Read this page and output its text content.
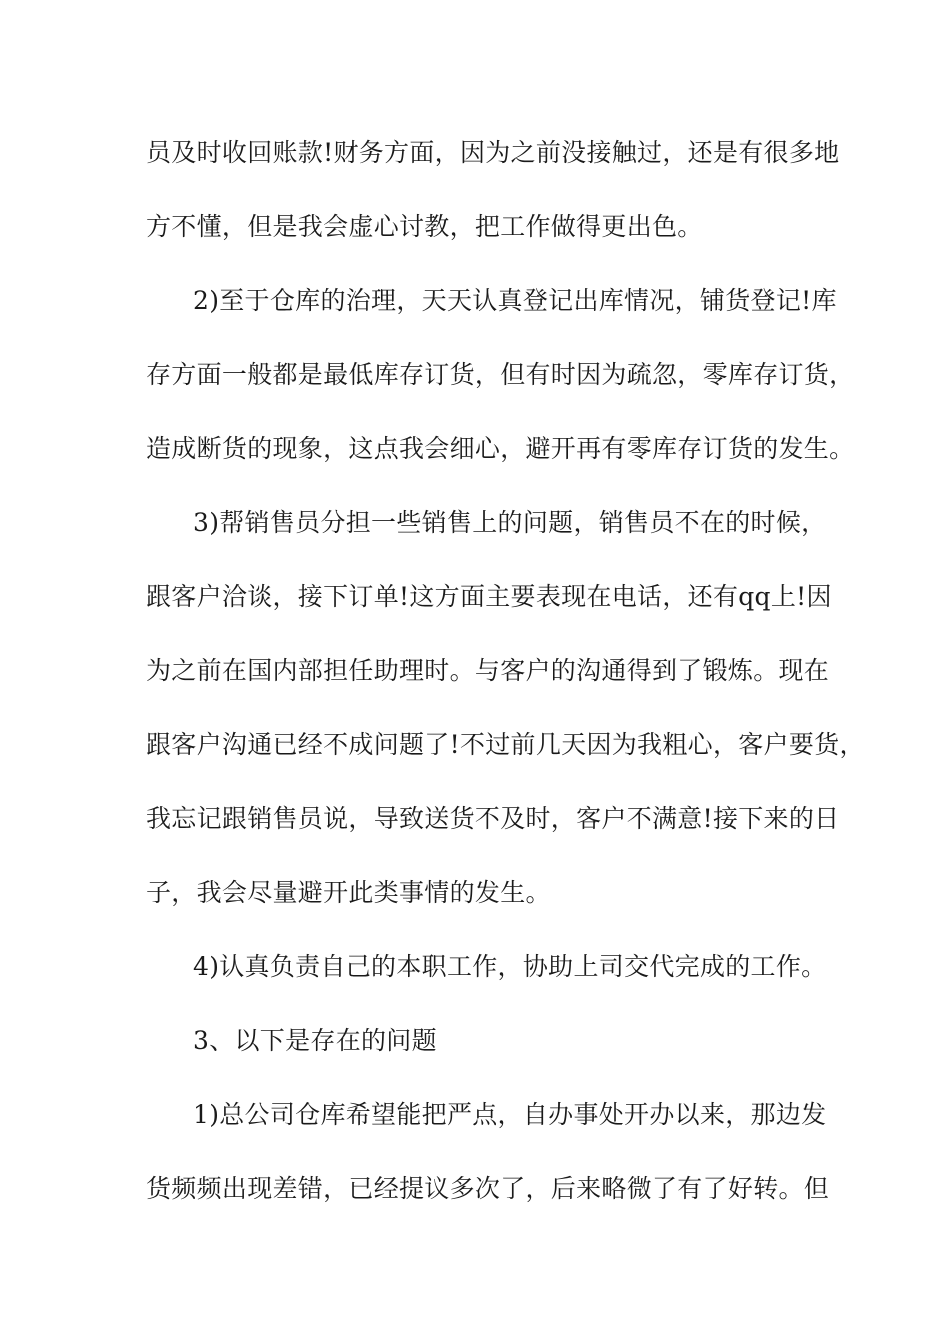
员及时收回账款!财务方面，因为之前没接触过，还是有很多地
方不懂，但是我会虚心讨教，把工作做得更出色。
2)至于仓库的治理，天天认真登记出库情况，铺货登记!库
存方面一般都是最低库存订货，但有时因为疏忽，零库存订货，
造成断货的现象，这点我会细心，避开再有零库存订货的发生。
3)帮销售员分担一些销售上的问题，销售员不在的时候，
跟客户洽谈，接下订单!这方面主要表现在电话，还有qq上!因
为之前在国内部担任助理时。与客户的沟通得到了锻炼。现在
跟客户沟通已经不成问题了!不过前几天因为我粗心，客户要货，
我忘记跟销售员说，导致送货不及时，客户不满意!接下来的日
子，我会尽量避开此类事情的发生。
4)认真负责自己的本职工作，协助上司交代完成的工作。
3、以下是存在的问题
1)总公司仓库希望能把严点，自办事处开办以来，那边发
货频频出现差错，已经提议多次了，后来略微了有了好转。但
